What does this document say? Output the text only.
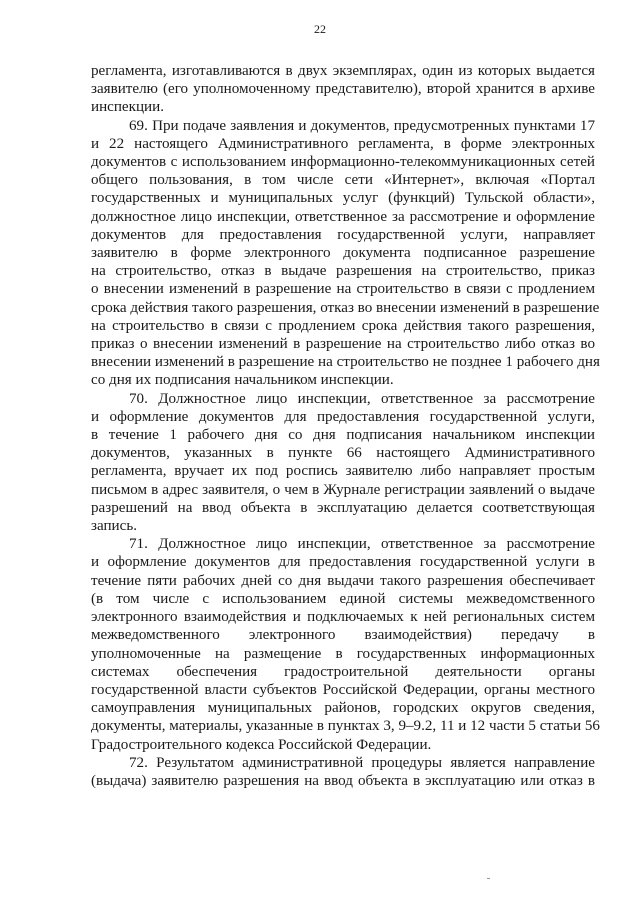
22

регламента, изготавливаются в двух экземплярах, один из которых выдается
заявителю (его уполномоченному представителю), второй хранится в архиве
инспекции.

69. При подаче заявления и документов, предусмотренных пунктами 17
и 22 настоящего Административного регламента, в форме электронных
документов с использованием информационно-телекоммуникационных сетей
общего пользования, в том числе сети «Интернет», включая «Портал
государственных и муниципальных услуг (функций) Тульской области»,
должностное лицо инспекции, ответственное за рассмотрение и оформление
документов для предоставления государственной услуги, направляет
заявителю в форме электронного документа подписанное разрешение
на строительство, отказ в выдаче разрешения на строительство, приказ
о внесении изменений в разрешение на строительство в связи с продлением
срока действия такого разрешения, отказ во внесении изменений в разрешение
на строительство в связи с продлением срока действия такого разрешения,
приказ о внесении изменений в разрешение на строительство либо отказ во
внесении изменений в разрешение на строительство не позднее 1 рабочего дня
со дня их подписания начальником инспекции.

70. Должностное лицо инспекции, ответственное за рассмотрение
и оформление документов для предоставления государственной услуги,
в течение 1 рабочего дня со дня подписания начальником инспекции
документов, указанных в пункте 66 настоящего Административного
регламента, вручает их под роспись заявителю либо направляет простым
письмом в адрес заявителя, о чем в Журнале регистрации заявлений о выдаче
разрешений на ввод объекта в эксплуатацию делается соответствующая
запись.

71. Должностное лицо инспекции, ответственное за рассмотрение
и оформление документов для предоставления государственной услуги в
течение пяти рабочих дней со дня выдачи такого разрешения обеспечивает
(в том числе с использованием единой системы межведомственного
электронного взаимодействия и подключаемых к ней региональных систем
межведомственного электронного взаимодействия) передачу в
уполномоченные на размещение в государственных информационных
системах обеспечения градостроительной деятельности органы
государственной власти субъектов Российской Федерации, органы местного
самоуправления муниципальных районов, городских округов сведения,
документы, материалы, указанные в пунктах 3, 9–9.2, 11 и 12 части 5 статьи 56
Градостроительного кодекса Российской Федерации.

72. Результатом административной процедуры является направление
(выдача) заявителю разрешения на ввод объекта в эксплуатацию или отказ в
